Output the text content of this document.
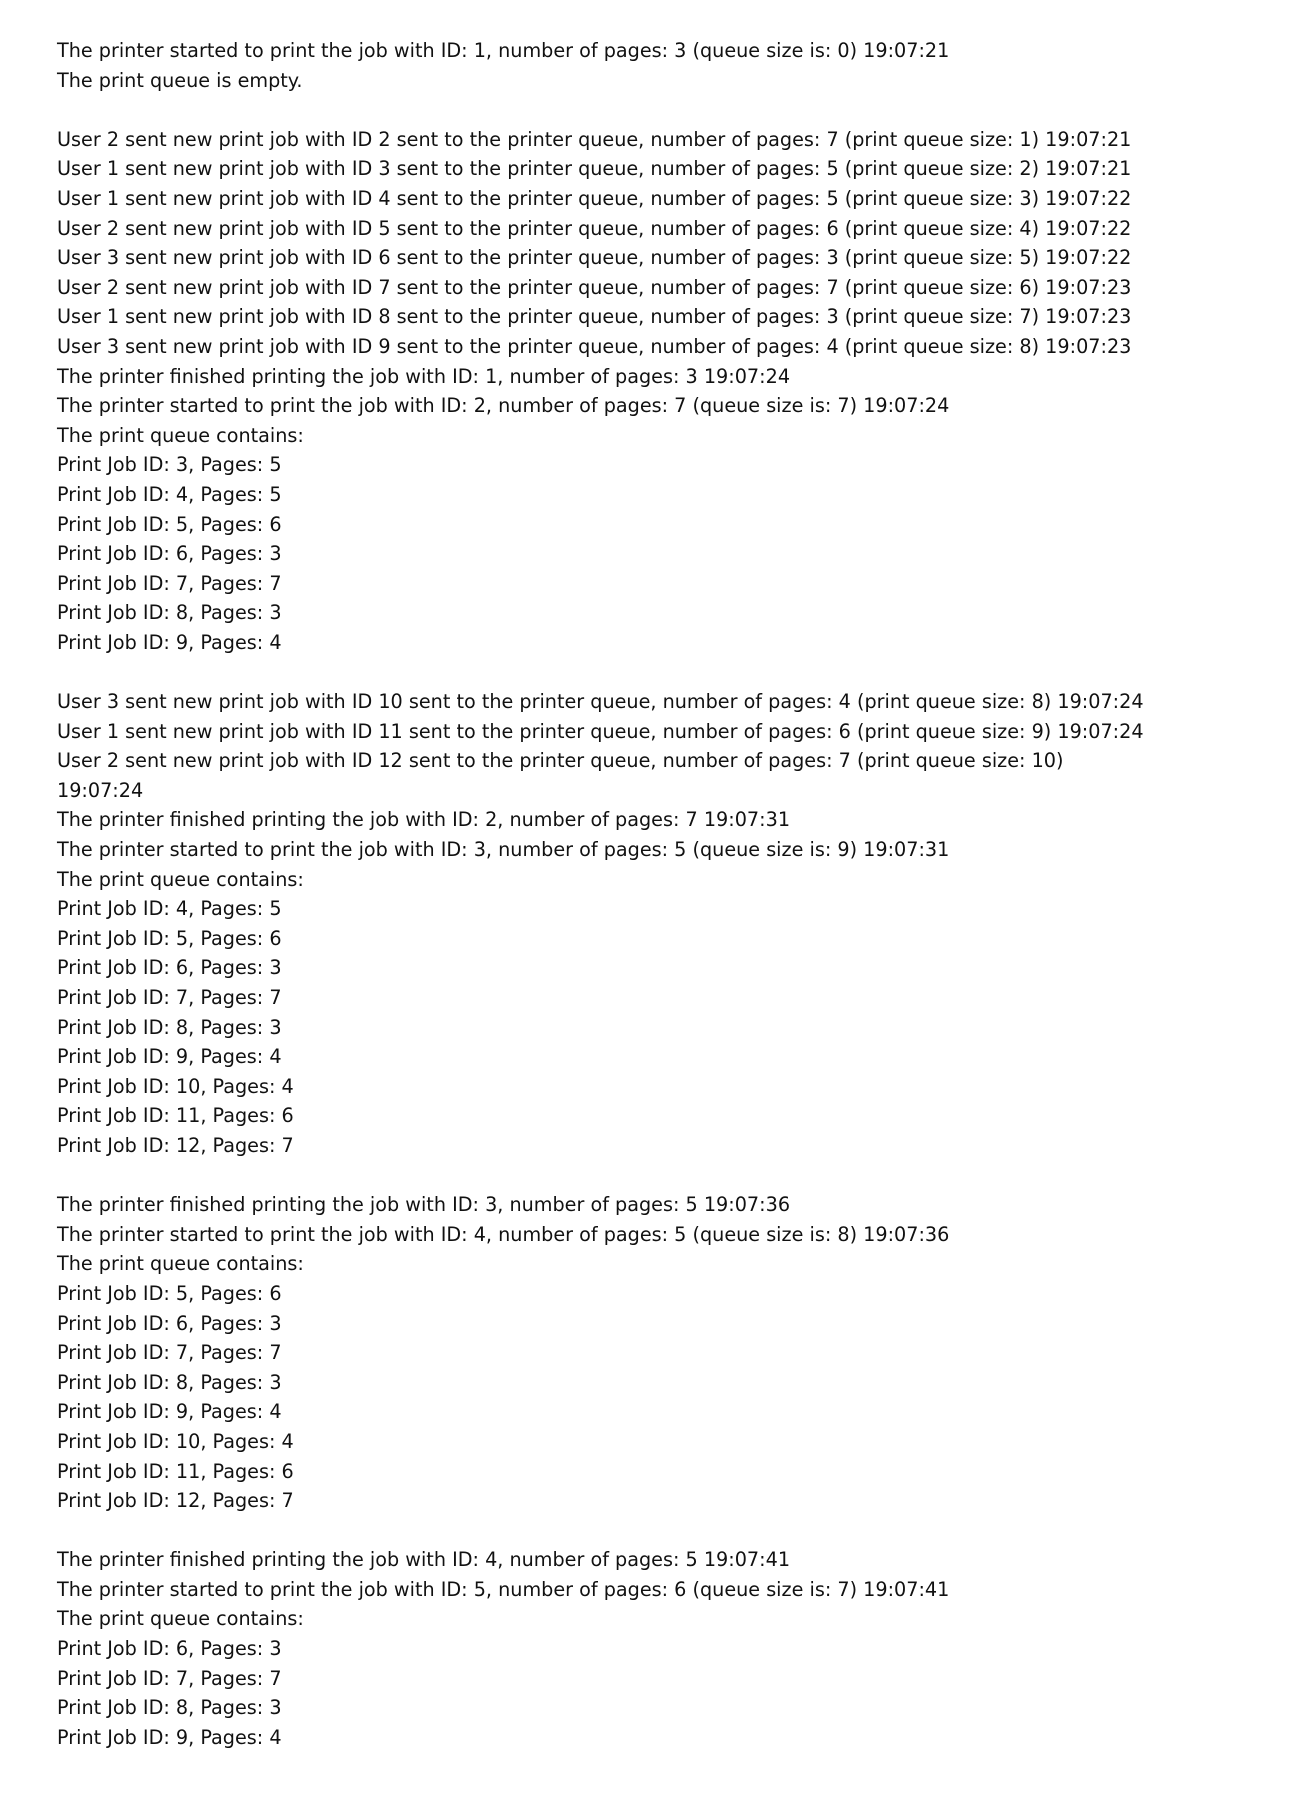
The printer started to print the job with ID: 1, number of pages: 3 (queue size is: 0) 19:07:21
The print queue is empty.
User 2 sent new print job with ID 2 sent to the printer queue, number of pages: 7 (print queue size: 1) 19:07:21
User 1 sent new print job with ID 3 sent to the printer queue, number of pages: 5 (print queue size: 2) 19:07:21
User 1 sent new print job with ID 4 sent to the printer queue, number of pages: 5 (print queue size: 3) 19:07:22
User 2 sent new print job with ID 5 sent to the printer queue, number of pages: 6 (print queue size: 4) 19:07:22
User 3 sent new print job with ID 6 sent to the printer queue, number of pages: 3 (print queue size: 5) 19:07:22
User 2 sent new print job with ID 7 sent to the printer queue, number of pages: 7 (print queue size: 6) 19:07:23
User 1 sent new print job with ID 8 sent to the printer queue, number of pages: 3 (print queue size: 7) 19:07:23
User 3 sent new print job with ID 9 sent to the printer queue, number of pages: 4 (print queue size: 8) 19:07:23
The printer finished printing the job with ID: 1, number of pages: 3 19:07:24
The printer started to print the job with ID: 2, number of pages: 7 (queue size is: 7) 19:07:24
The print queue contains:
Print Job ID: 3, Pages: 5
Print Job ID: 4, Pages: 5
Print Job ID: 5, Pages: 6
Print Job ID: 6, Pages: 3
Print Job ID: 7, Pages: 7
Print Job ID: 8, Pages: 3
Print Job ID: 9, Pages: 4
User 3 sent new print job with ID 10 sent to the printer queue, number of pages: 4 (print queue size: 8) 19:07:24
User 1 sent new print job with ID 11 sent to the printer queue, number of pages: 6 (print queue size: 9) 19:07:24
User 2 sent new print job with ID 12 sent to the printer queue, number of pages: 7 (print queue size: 10)
19:07:24
The printer finished printing the job with ID: 2, number of pages: 7 19:07:31
The printer started to print the job with ID: 3, number of pages: 5 (queue size is: 9) 19:07:31
The print queue contains:
Print Job ID: 4, Pages: 5
Print Job ID: 5, Pages: 6
Print Job ID: 6, Pages: 3
Print Job ID: 7, Pages: 7
Print Job ID: 8, Pages: 3
Print Job ID: 9, Pages: 4
Print Job ID: 10, Pages: 4
Print Job ID: 11, Pages: 6
Print Job ID: 12, Pages: 7
The printer finished printing the job with ID: 3, number of pages: 5 19:07:36
The printer started to print the job with ID: 4, number of pages: 5 (queue size is: 8) 19:07:36
The print queue contains:
Print Job ID: 5, Pages: 6
Print Job ID: 6, Pages: 3
Print Job ID: 7, Pages: 7
Print Job ID: 8, Pages: 3
Print Job ID: 9, Pages: 4
Print Job ID: 10, Pages: 4
Print Job ID: 11, Pages: 6
Print Job ID: 12, Pages: 7
The printer finished printing the job with ID: 4, number of pages: 5 19:07:41
The printer started to print the job with ID: 5, number of pages: 6 (queue size is: 7) 19:07:41
The print queue contains:
Print Job ID: 6, Pages: 3
Print Job ID: 7, Pages: 7
Print Job ID: 8, Pages: 3
Print Job ID: 9, Pages: 4
